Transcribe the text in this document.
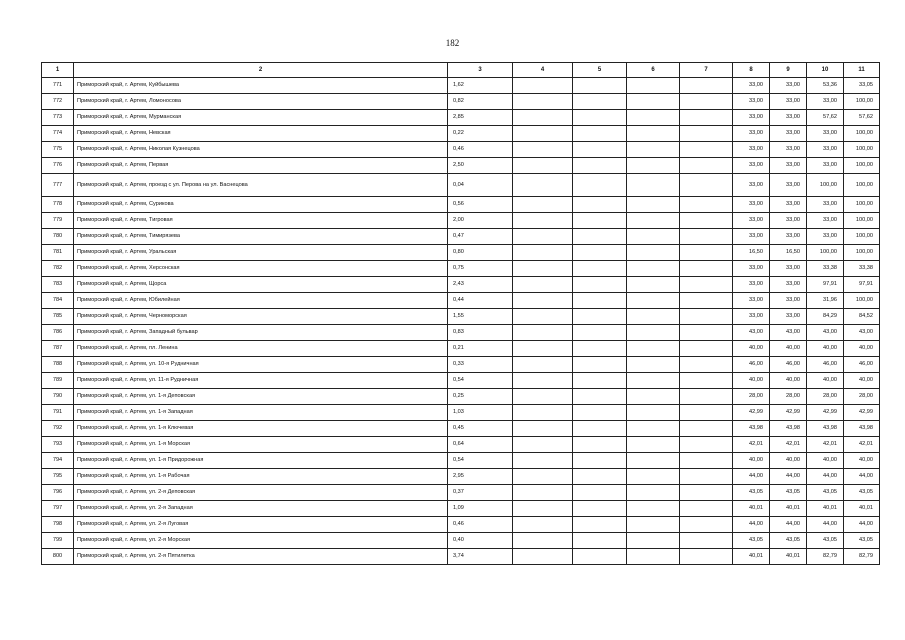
182
1	2	3	4	5	6	7	8	9	10	11
771	Приморский край, г. Артем, Куйбышева	1,62					33,00	33,00	53,36	33,05
772	Приморский край, г. Артем, Ломоносова	0,82					33,00	33,00	33,00	100,00
773	Приморский край, г. Артем, Мурманская	2,85					33,00	33,00	57,62	57,62
774	Приморский край, г. Артем, Невская	0,22					33,00	33,00	33,00	100,00
775	Приморский край, г. Артем, Николая Кузнецова	0,46					33,00	33,00	33,00	100,00
776	Приморский край, г. Артем, Первая	2,50					33,00	33,00	33,00	100,00
777	Приморский край, г. Артем, проезд с ул. Перова на ул. Васнецова	0,04					33,00	33,00	100,00	100,00
778	Приморский край, г. Артем, Сурикова	0,56					33,00	33,00	33,00	100,00
779	Приморский край, г. Артем, Тигровая	2,00					33,00	33,00	33,00	100,00
780	Приморский край, г. Артем, Тимирязева	0,47					33,00	33,00	33,00	100,00
781	Приморский край, г. Артем, Уральская	0,80					16,50	16,50	100,00	100,00
782	Приморский край, г. Артем, Херсонская	0,75					33,00	33,00	33,38	33,38
783	Приморский край, г. Артем, Щорса	2,43					33,00	33,00	97,91	97,91
784	Приморский край, г. Артем, Юбилейная	0,44					33,00	33,00	31,96	100,00
785	Приморский край, г. Артем, Черноморская	1,55					33,00	33,00	84,29	84,52
786	Приморский край, г. Артем, Западный бульвар	0,83					43,00	43,00	43,00	43,00
787	Приморский край, г. Артем, пл. Ленина	0,21					40,00	40,00	40,00	40,00
788	Приморский край, г. Артем, ул. 10-я Рудничная	0,33					46,00	46,00	46,00	46,00
789	Приморский край, г. Артем, ул. 11-я Рудничная	0,54					40,00	40,00	40,00	40,00
790	Приморский край, г. Артем, ул. 1-я Деповская	0,25					28,00	28,00	28,00	28,00
791	Приморский край, г. Артем, ул. 1-я Западная	1,03					42,99	42,99	42,99	42,99
792	Приморский край, г. Артем, ул. 1-я Ключевая	0,45					43,98	43,98	43,98	43,98
793	Приморский край, г. Артем, ул. 1-я Морская	0,64					42,01	42,01	42,01	42,01
794	Приморский край, г. Артем, ул. 1-я Придорожная	0,54					40,00	40,00	40,00	40,00
795	Приморский край, г. Артем, ул. 1-я Рабочая	2,95					44,00	44,00	44,00	44,00
796	Приморский край, г. Артем, ул. 2-я Деповская	0,37					43,05	43,05	43,05	43,05
797	Приморский край, г. Артем, ул. 2-я Западная	1,09					40,01	40,01	40,01	40,01
798	Приморский край, г. Артем, ул. 2-я Луговая	0,46					44,00	44,00	44,00	44,00
799	Приморский край, г. Артем, ул. 2-я Морская	0,40					43,05	43,05	43,05	43,05
800	Приморский край, г. Артем, ул. 2-я Пятилетка	3,74					40,01	40,01	82,79	82,79
